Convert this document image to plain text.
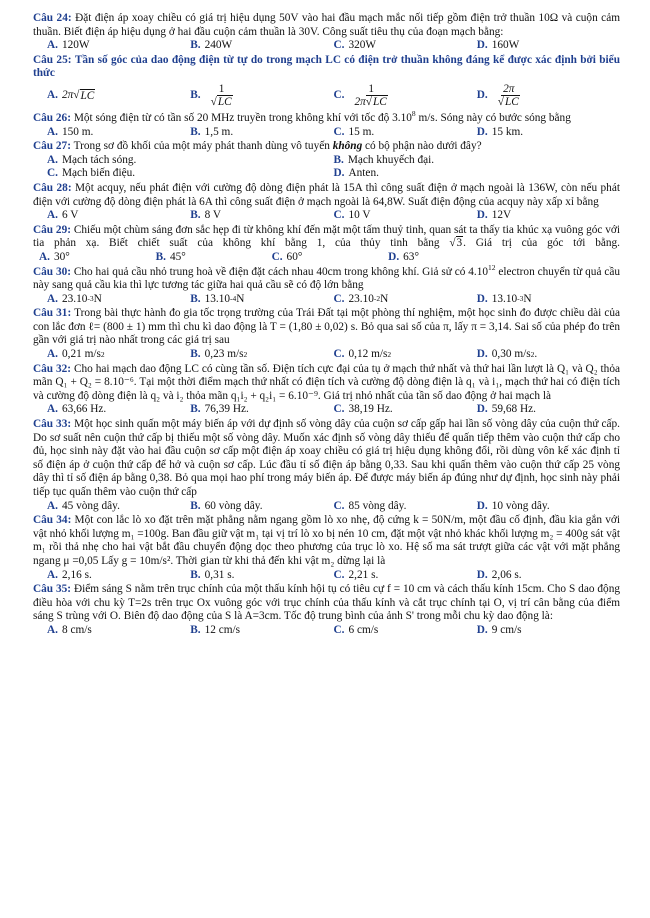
Câu 24: Đặt điện áp xoay chiều có giá trị hiệu dụng 50V vào hai đầu mạch mắc nối tiếp gồm điện trở thuần 10Ω và cuộn cảm thuần. Biết điện áp hiệu dụng ở hai đầu cuộn cảm thuần là 30V. Công suất tiêu thụ của đoạn mạch bằng:
A. 120W	B. 240W	C. 320W	D. 160W
Câu 25: Tần số góc của dao động điện từ tự do trong mạch LC có điện trở thuần không đáng kể được xác định bởi biểu thức
A. 2π √ LC	B. $\frac{1}{√LC}$	C. $\frac{1}{2\pi√LC}$	D. $\frac{2\pi}{√LC}$
Câu 26: Một sóng điện từ có tần số 20 MHz truyền trong không khí với tốc độ 3.10$^8$ m/s. Sóng này có bước sóng bằng
A. 150 m.	B. 1,5 m.	C. 15 m.	D. 15 km.
Câu 27: Trong sơ đồ khối của một máy phát thanh dùng vô tuyến không có bộ phận nào dưới đây?
A. Mạch tách sóng.	B. Mạch khuyếch đại.
C. Mạch biến điệu.	D. Anten.
Câu 28: Một acquy, nếu phát điện với cường độ dòng điện phát là 15A thì công suất điện ở mạch ngoài là 136W, còn nếu phát điện với cường độ dòng điện phát là 6A thì công suất điện ở mạch ngoài là 64,8W. Suất điện động của acquy này xấp xỉ bằng
A. 6 V	B. 8 V	C. 10 V	D. 12V
Câu 29: Chiếu một chùm sáng đơn sắc hẹp đi từ không khí đến mặt một tấm thuỷ tinh, quan sát ta thấy tia khúc xạ vuông góc với tia phản xạ. Biết chiết suất của không khí bằng 1, của thủy tinh bằng √3. Giá trị của góc tới bằng.
A. 30°	B. 45°	C. 60°	D. 63°
Câu 30: Cho hai quả cầu nhỏ trung hoà về điện đặt cách nhau 40cm trong không khí. Giả sử có 4.10$^{12}$ electron chuyển từ quả cầu này sang quả cầu kia thì lực tương tác giữa hai quả cầu sẽ có độ lớn bằng
A. 23.10 -3 N	B. 13.10 -4 N	C. 23.10 -2 N	D. 13.10 -3 N
Câu 31: Trong bài thực hành đo gia tốc trọng trường của Trái Đất tại một phòng thí nghiệm, một học sinh đo được chiều dài của con lắc đơn ℓ= (800 ± 1) mm thì chu kì dao động là T = (1,80 ± 0,02) s. Bỏ qua sai số của π, lấy π = 3,14. Sai số của phép đo trên gần với giá trị nào nhất trong các giá trị sau
A. 0,21 m/s 2	B. 0,23 m/s 2	C. 0,12 m/s 2	D. 0,30 m/s 2 .
Câu 32: Cho hai mạch dao động LC có cùng tần số. Điện tích cực đại của tụ ở mạch thứ nhất và thứ hai lần lượt là Q₁ và Q₂ thỏa mãn Q₁ + Q₂ = 8.10⁻⁶. Tại một thời điểm mạch thứ nhất có điện tích và cường độ dòng điện là q₁ và i₁, mạch thứ hai có điện tích và cường độ dòng điện là q₂ và i₂ thỏa mãn q₁i₂ + q₂i₁ = 6.10⁻⁹. Giá trị nhỏ nhất của tần số dao động ở hai mạch là
A. 63,66 Hz.	B. 76,39 Hz.	C. 38,19 Hz.	D. 59,68 Hz.
Câu 33: Một học sinh quấn một máy biến áp với dự định số vòng dây của cuộn sơ cấp gấp hai lần số vòng dây của cuộn thứ cấp. Do sơ suất nên cuộn thứ cấp bị thiếu một số vòng dây. Muốn xác định số vòng dây thiếu để quấn tiếp thêm vào cuộn thứ cấp cho đủ, học sinh này đặt vào hai đầu cuộn sơ cấp một điện áp xoay chiều có giá trị hiệu dụng không đổi, rồi dùng vôn kế xác định tỉ số điện áp ở cuộn thứ cấp để hở và cuộn sơ cấp. Lúc đầu tỉ số điện áp bằng 0,33. Sau khi quấn thêm vào cuộn thứ cấp 25 vòng dây thì tỉ số điện áp bằng 0,38. Bỏ qua mọi hao phí trong máy biến áp. Để được máy biến áp đúng như dự định, học sinh này phải tiếp tục quấn thêm vào cuộn thứ cấp
A. 45 vòng dây.	B. 60 vòng dây.	C. 85 vòng dây.	D. 10 vòng dây.
Câu 34: Một con lắc lò xo đặt trên mặt phẳng nằm ngang gồm lò xo nhẹ, độ cứng k = 50N/m, một đầu cố định, đầu kia gắn với vật nhỏ khối lượng m₁ =100g. Ban đầu giữ vật m₁ tại vị trí lò xo bị nén 10 cm, đặt một vật nhỏ khác khối lượng m₂ = 400g sát vật m₁ rồi thả nhẹ cho hai vật bắt đầu chuyển động dọc theo phương của trục lò xo. Hệ số ma sát trượt giữa các vật với mặt phẳng ngang μ =0,05 Lấy g = 10m/s². Thời gian từ khi thả đến khi vật m₂ dừng lại là
A. 2,16 s.	B. 0,31 s.	C. 2,21 s.	D. 2,06 s.
Câu 35: Điểm sáng S nằm trên trục chính của một thấu kính hội tụ có tiêu cự f = 10 cm và cách thấu kính 15cm. Cho S dao động điều hòa với chu kỳ T=2s trên trục Ox vuông góc với trục chính của thấu kính và cắt trục chính tại O, vị trí cân bằng của điểm sáng S trùng với O. Biên độ dao động của S là A=3cm. Tốc độ trung bình của ảnh S' trong mỗi chu kỳ dao động là:
A. 8 cm/s	B. 12 cm/s	C. 6 cm/s	D. 9 cm/s
